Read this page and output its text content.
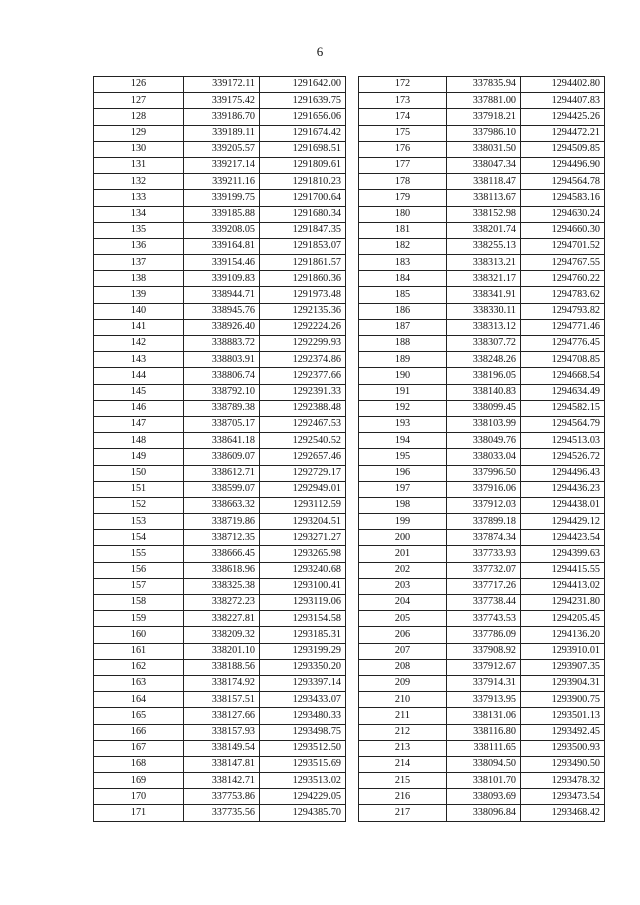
6
126	339172.11	1291642.00
127	339175.42	1291639.75
128	339186.70	1291656.06
129	339189.11	1291674.42
130	339205.57	1291698.51
131	339217.14	1291809.61
132	339211.16	1291810.23
133	339199.75	1291700.64
134	339185.88	1291680.34
135	339208.05	1291847.35
136	339164.81	1291853.07
137	339154.46	1291861.57
138	339109.83	1291860.36
139	338944.71	1291973.48
140	338945.76	1292135.36
141	338926.40	1292224.26
142	338883.72	1292299.93
143	338803.91	1292374.86
144	338806.74	1292377.66
145	338792.10	1292391.33
146	338789.38	1292388.48
147	338705.17	1292467.53
148	338641.18	1292540.52
149	338609.07	1292657.46
150	338612.71	1292729.17
151	338599.07	1292949.01
152	338663.32	1293112.59
153	338719.86	1293204.51
154	338712.35	1293271.27
155	338666.45	1293265.98
156	338618.96	1293240.68
157	338325.38	1293100.41
158	338272.23	1293119.06
159	338227.81	1293154.58
160	338209.32	1293185.31
161	338201.10	1293199.29
162	338188.56	1293350.20
163	338174.92	1293397.14
164	338157.51	1293433.07
165	338127.66	1293480.33
166	338157.93	1293498.75
167	338149.54	1293512.50
168	338147.81	1293515.69
169	338142.71	1293513.02
170	337753.86	1294229.05
171	337735.56	1294385.70
172	337835.94	1294402.80
173	337881.00	1294407.83
174	337918.21	1294425.26
175	337986.10	1294472.21
176	338031.50	1294509.85
177	338047.34	1294496.90
178	338118.47	1294564.78
179	338113.67	1294583.16
180	338152.98	1294630.24
181	338201.74	1294660.30
182	338255.13	1294701.52
183	338313.21	1294767.55
184	338321.17	1294760.22
185	338341.91	1294783.62
186	338330.11	1294793.82
187	338313.12	1294771.46
188	338307.72	1294776.45
189	338248.26	1294708.85
190	338196.05	1294668.54
191	338140.83	1294634.49
192	338099.45	1294582.15
193	338103.99	1294564.79
194	338049.76	1294513.03
195	338033.04	1294526.72
196	337996.50	1294496.43
197	337916.06	1294436.23
198	337912.03	1294438.01
199	337899.18	1294429.12
200	337874.34	1294423.54
201	337733.93	1294399.63
202	337732.07	1294415.55
203	337717.26	1294413.02
204	337738.44	1294231.80
205	337743.53	1294205.45
206	337786.09	1294136.20
207	337908.92	1293910.01
208	337912.67	1293907.35
209	337914.31	1293904.31
210	337913.95	1293900.75
211	338131.06	1293501.13
212	338116.80	1293492.45
213	338111.65	1293500.93
214	338094.50	1293490.50
215	338101.70	1293478.32
216	338093.69	1293473.54
217	338096.84	1293468.42
